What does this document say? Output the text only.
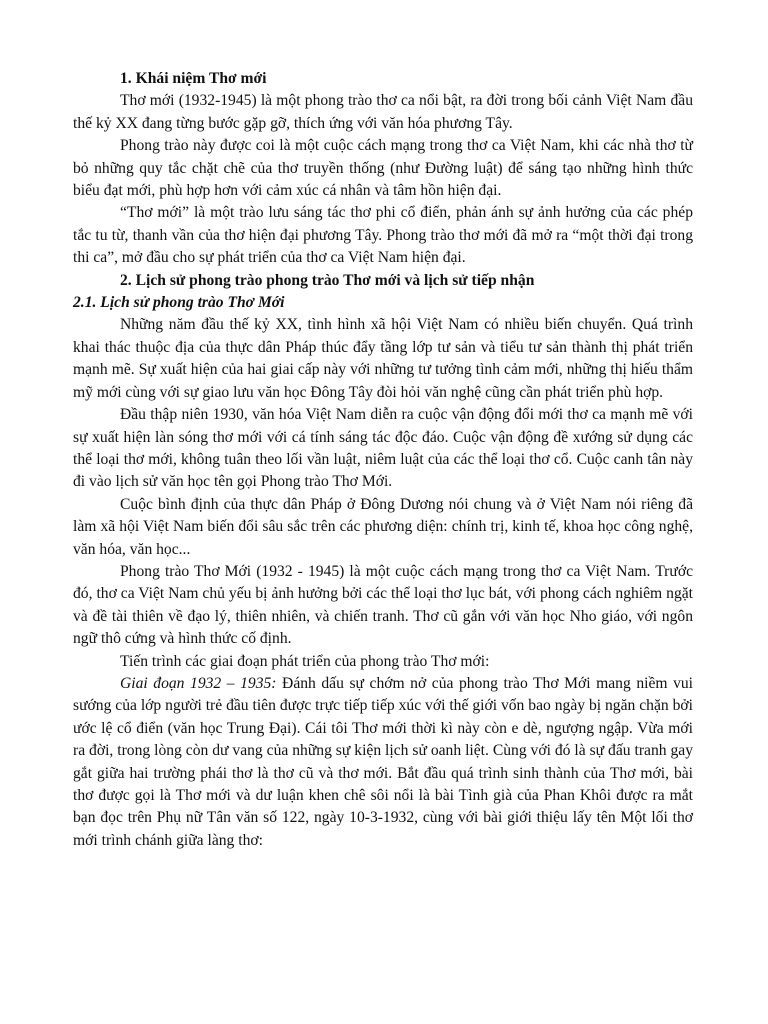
1. Khái niệm Thơ mới

Thơ mới (1932-1945) là một phong trào thơ ca nổi bật, ra đời trong bối cảnh Việt Nam đầu thế kỷ XX đang từng bước gặp gỡ, thích ứng với văn hóa phương Tây.

Phong trào này được coi là một cuộc cách mạng trong thơ ca Việt Nam, khi các nhà thơ từ bỏ những quy tắc chặt chẽ của thơ truyền thống (như Đường luật) để sáng tạo những hình thức biểu đạt mới, phù hợp hơn với cảm xúc cá nhân và tâm hồn hiện đại.

“Thơ mới” là một trào lưu sáng tác thơ phi cổ điển, phản ánh sự ảnh hưởng của các phép tắc tu từ, thanh vần của thơ hiện đại phương Tây. Phong trào thơ mới đã mở ra “một thời đại trong thi ca”, mở đầu cho sự phát triển của thơ ca Việt Nam hiện đại.

2. Lịch sử phong trào phong trào Thơ mới và lịch sử tiếp nhận

2.1. Lịch sử phong trào Thơ Mới

Những năm đầu thế kỷ XX, tình hình xã hội Việt Nam có nhiều biến chuyển. Quá trình khai thác thuộc địa của thực dân Pháp thúc đẩy tầng lớp tư sản và tiểu tư sản thành thị phát triển mạnh mẽ. Sự xuất hiện của hai giai cấp này với những tư tưởng tình cảm mới, những thị hiếu thẩm mỹ mới cùng với sự giao lưu văn học Đông Tây đòi hỏi văn nghệ cũng cần phát triển phù hợp.

Đầu thập niên 1930, văn hóa Việt Nam diễn ra cuộc vận động đổi mới thơ ca mạnh mẽ với sự xuất hiện làn sóng thơ mới với cá tính sáng tác độc đáo. Cuộc vận động đề xướng sử dụng các thể loại thơ mới, không tuân theo lối vần luật, niêm luật của các thể loại thơ cổ. Cuộc canh tân này đi vào lịch sử văn học tên gọi Phong trào Thơ Mới.

Cuộc bình định của thực dân Pháp ở Đông Dương nói chung và ở Việt Nam nói riêng đã làm xã hội Việt Nam biến đổi sâu sắc trên các phương diện: chính trị, kinh tế, khoa học công nghệ, văn hóa, văn học...

Phong trào Thơ Mới (1932 - 1945) là một cuộc cách mạng trong thơ ca Việt Nam. Trước đó, thơ ca Việt Nam chủ yếu bị ảnh hưởng bởi các thể loại thơ lục bát, với phong cách nghiêm ngặt và đề tài thiên về đạo lý, thiên nhiên, và chiến tranh. Thơ cũ gắn với văn học Nho giáo, với ngôn ngữ thô cứng và hình thức cố định.

Tiến trình các giai đoạn phát triển của phong trào Thơ mới:

Giai đoạn 1932 – 1935: Đánh dấu sự chớm nở của phong trào Thơ Mới mang niềm vui sướng của lớp người trẻ đầu tiên được trực tiếp tiếp xúc với thế giới vốn bao ngày bị ngăn chặn bởi ước lệ cổ điển (văn học Trung Đại). Cái tôi Thơ mới thời kì này còn e dè, ngượng ngập. Vừa mới ra đời, trong lòng còn dư vang của những sự kiện lịch sử oanh liệt. Cùng với đó là sự đấu tranh gay gắt giữa hai trường phái thơ là thơ cũ và thơ mới. Bắt đầu quá trình sinh thành của Thơ mới, bài thơ được gọi là Thơ mới và dư luận khen chê sôi nổi là bài Tình già của Phan Khôi được ra mắt bạn đọc trên Phụ nữ Tân văn số 122, ngày 10-3-1932, cùng với bài giới thiệu lấy tên Một lối thơ mới trình chánh giữa làng thơ:
